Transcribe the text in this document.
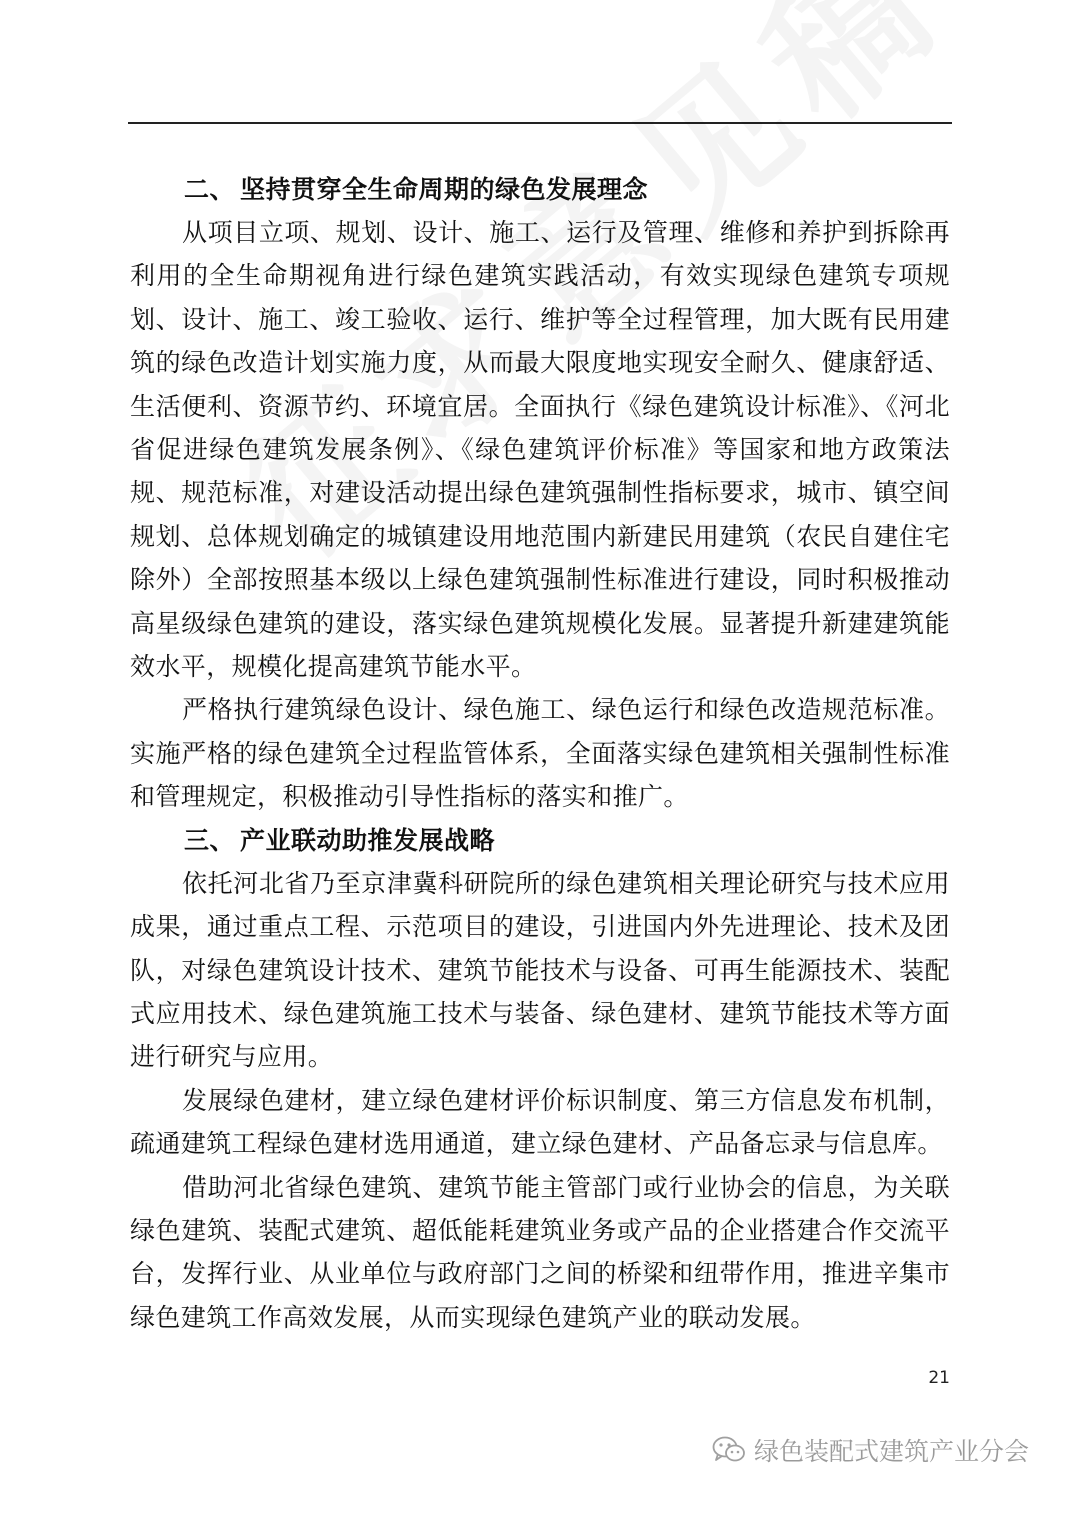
二、 坚持贯穿全生命周期的绿色发展理念

从项目立项、规划、设计、施工、运行及管理、维修和养护到拆除再利用的全生命期视角进行绿色建筑实践活动，有效实现绿色建筑专项规划、设计、施工、竣工验收、运行、维护等全过程管理，加大既有民用建筑的绿色改造计划实施力度，从而最大限度地实现安全耐久、健康舒适、生活便利、资源节约、环境宜居。全面执行《绿色建筑设计标准》、《河北省促进绿色建筑发展条例》、《绿色建筑评价标准》等国家和地方政策法规、规范标准，对建设活动提出绿色建筑强制性指标要求，城市、镇空间规划、总体规划确定的城镇建设用地范围内新建民用建筑（农民自建住宅除外）全部按照基本级以上绿色建筑强制性标准进行建设，同时积极推动高星级绿色建筑的建设，落实绿色建筑规模化发展。显著提升新建建筑能效水平，规模化提高建筑节能水平。

严格执行建筑绿色设计、绿色施工、绿色运行和绿色改造规范标准。实施严格的绿色建筑全过程监管体系，全面落实绿色建筑相关强制性标准和管理规定，积极推动引导性指标的落实和推广。

三、 产业联动助推发展战略

依托河北省乃至京津冀科研院所的绿色建筑相关理论研究与技术应用成果，通过重点工程、示范项目的建设，引进国内外先进理论、技术及团队，对绿色建筑设计技术、建筑节能技术与设备、可再生能源技术、装配式应用技术、绿色建筑施工技术与装备、绿色建材、建筑节能技术等方面进行研究与应用。

发展绿色建材，建立绿色建材评价标识制度、第三方信息发布机制，疏通建筑工程绿色建材选用通道，建立绿色建材、产品备忘录与信息库。

借助河北省绿色建筑、建筑节能主管部门或行业协会的信息，为关联绿色建筑、装配式建筑、超低能耗建筑业务或产品的企业搭建合作交流平台，发挥行业、从业单位与政府部门之间的桥梁和纽带作用，推进辛集市绿色建筑工作高效发展，从而实现绿色建筑产业的联动发展。

21
绿色装配式建筑产业分会
